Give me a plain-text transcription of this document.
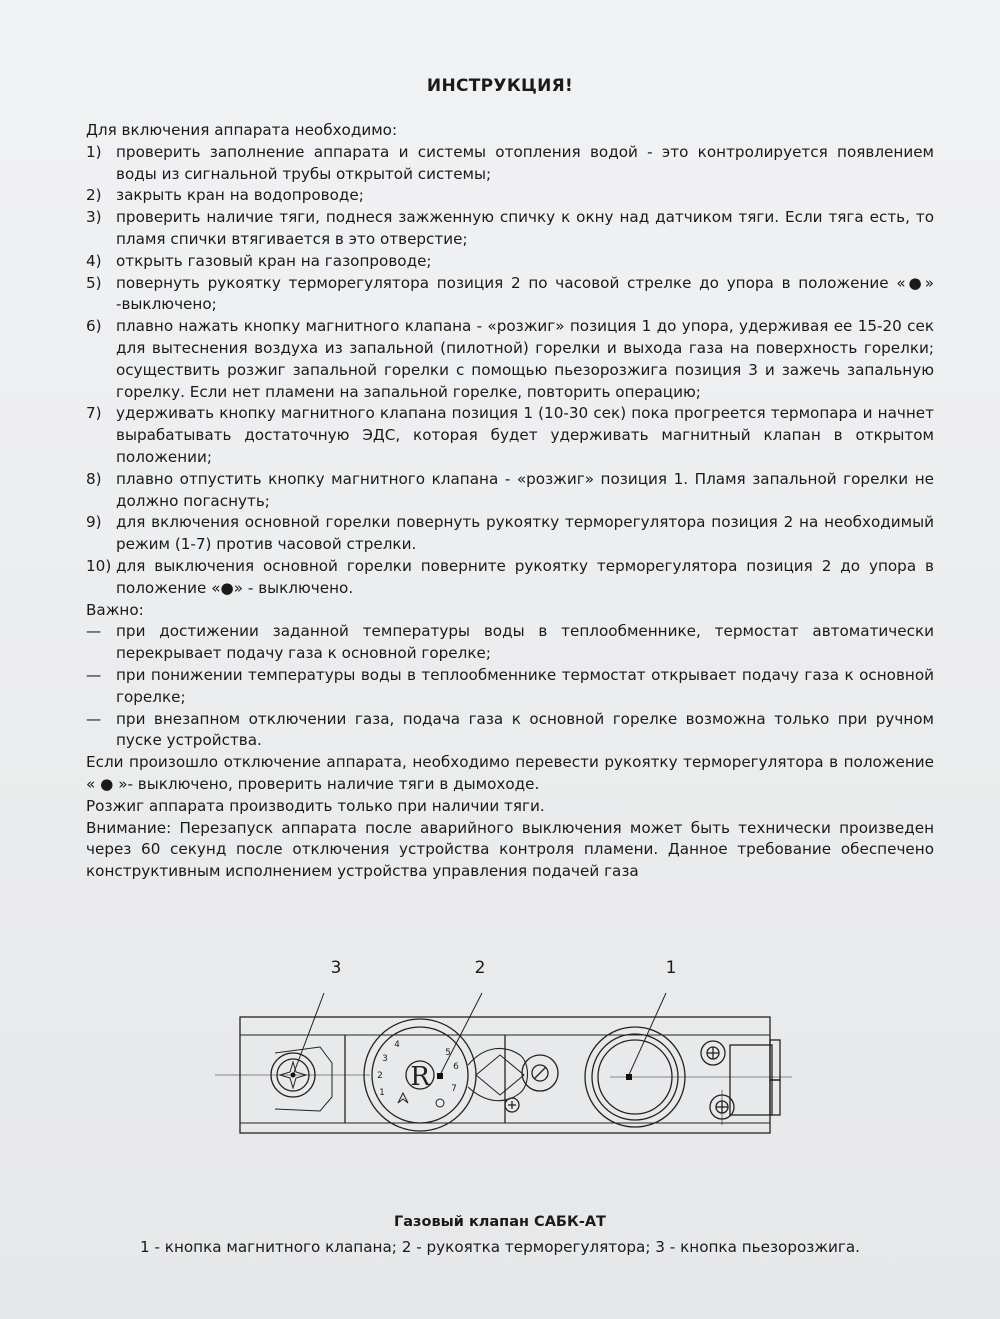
ИНСТРУКЦИЯ!
Для включения аппарата необходимо:
1) проверить заполнение аппарата и системы отопления водой - это контролируется появлением воды из сигнальной трубы открытой системы;
2) закрыть кран на водопроводе;
3) проверить наличие тяги, поднеся зажженную спичку к окну над датчиком тяги. Если тяга есть, то пламя спички втягивается в это отверстие;
4) открыть газовый кран на газопроводе;
5) повернуть рукоятку терморегулятора позиция 2 по часовой стрелке до упора в положение «●» -выключено;
6) плавно нажать кнопку магнитного клапана - «розжиг» позиция 1 до упора, удерживая ее 15-20 сек для вытеснения воздуха из запальной (пилотной) горелки и выхода газа на поверхность горелки; осуществить розжиг запальной горелки с помощью пьезорозжига позиция 3 и зажечь запальную горелку. Если нет пламени на запальной горелке, повторить операцию;
7) удерживать кнопку магнитного клапана позиция 1 (10-30 сек) пока прогреется термопара и начнет вырабатывать достаточную ЭДС, которая будет удерживать магнитный клапан в открытом положении;
8) плавно отпустить кнопку магнитного клапана - «розжиг» позиция 1. Пламя запальной горелки не должно погаснуть;
9) для включения основной горелки повернуть рукоятку терморегулятора позиция 2 на необходимый режим (1-7) против часовой стрелки.
10) для выключения основной горелки поверните рукоятку терморегулятора позиция 2 до упора в положение «●» - выключено.
Важно:
— при достижении заданной температуры воды в теплообменнике, термостат автоматически перекрывает подачу газа к основной горелке;
— при понижении температуры воды в теплообменнике термостат открывает подачу газа к основной горелке;
— при внезапном отключении газа, подача газа к основной горелке возможна только при ручном пуске устройства.
Если произошло отключение аппарата, необходимо перевести рукоятку терморегулятора в положение « ● »- выключено, проверить наличие тяги в дымоходе.
Розжиг аппарата производить только при наличии тяги.
Внимание: Перезапуск аппарата после аварийного выключения может быть технически произведен через 60 секунд после отключения устройства контроля пламени. Данное требование обеспечено конструктивным исполнением устройства управления подачей газа
3	2	1
R
1
2
3
4
5
6
7
Газовый клапан САБК-АТ
1 - кнопка магнитного клапана; 2 - рукоятка терморегулятора; 3 - кнопка пьезорозжига.
